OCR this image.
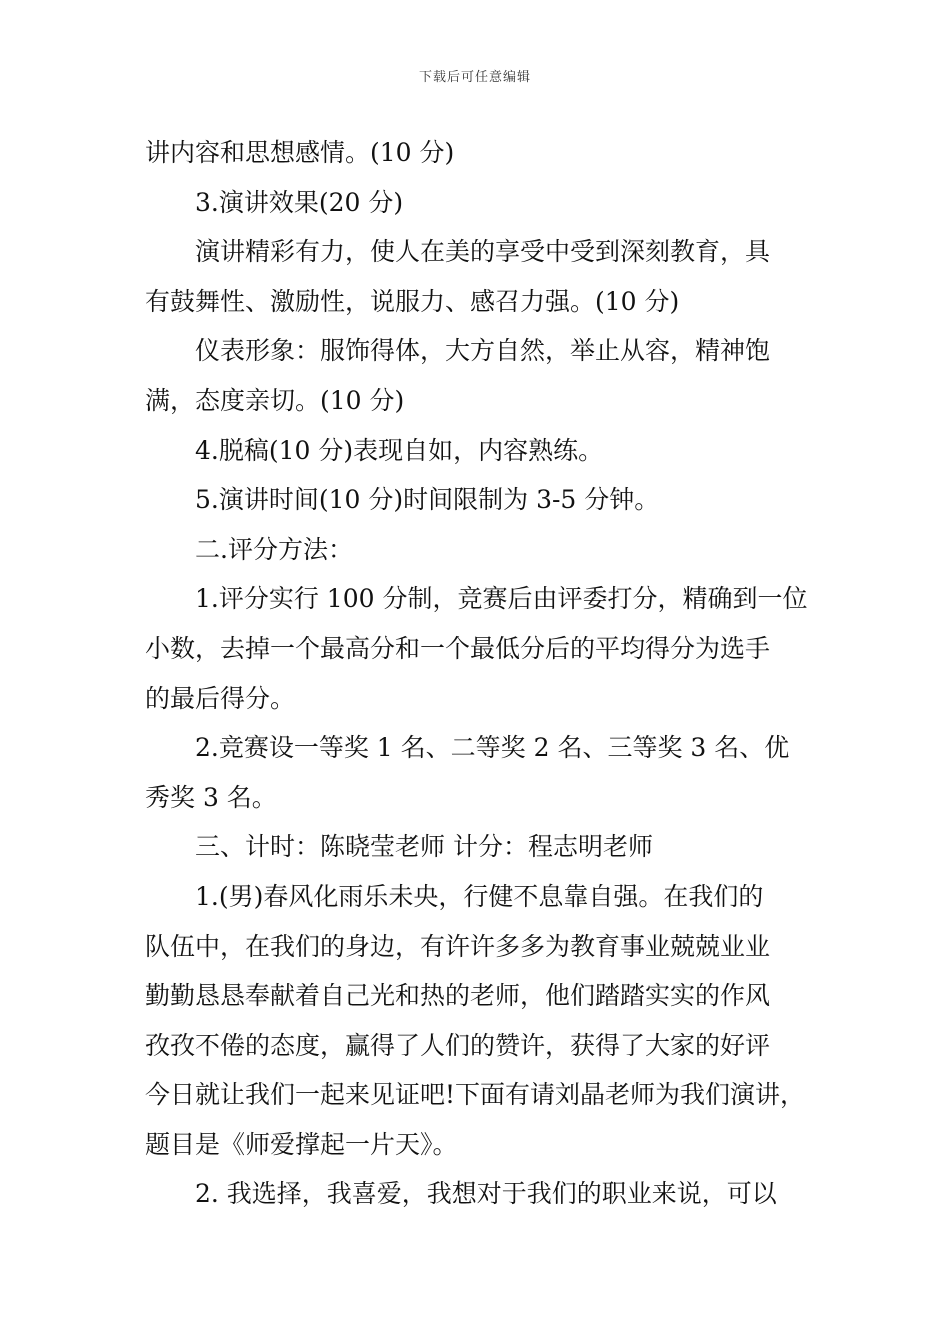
下载后可任意编辑
讲内容和思想感情。(10 分)
3.演讲效果(20 分)
演讲精彩有力，使人在美的享受中受到深刻教育，具
有鼓舞性、激励性，说服力、感召力强。(10 分)
仪表形象：服饰得体，大方自然，举止从容，精神饱
满，态度亲切。(10 分)
4.脱稿(10 分)表现自如，内容熟练。
5.演讲时间(10 分)时间限制为 3-5 分钟。
二.评分方法：
1.评分实行 100 分制，竞赛后由评委打分，精确到一位
小数，去掉一个最高分和一个最低分后的平均得分为选手
的最后得分。
2.竞赛设一等奖 1 名、二等奖 2 名、三等奖 3 名、优
秀奖 3 名。
三、计时：陈晓莹老师 计分：程志明老师
1.(男)春风化雨乐未央，行健不息靠自强。在我们的
队伍中，在我们的身边，有许许多多为教育事业兢兢业业
勤勤恳恳奉献着自己光和热的老师，他们踏踏实实的作风
孜孜不倦的态度，赢得了人们的赞许，获得了大家的好评
今日就让我们一起来见证吧!下面有请刘晶老师为我们演讲，
题目是《师爱撑起一片天》。
2. 我选择，我喜爱，我想对于我们的职业来说，可以
